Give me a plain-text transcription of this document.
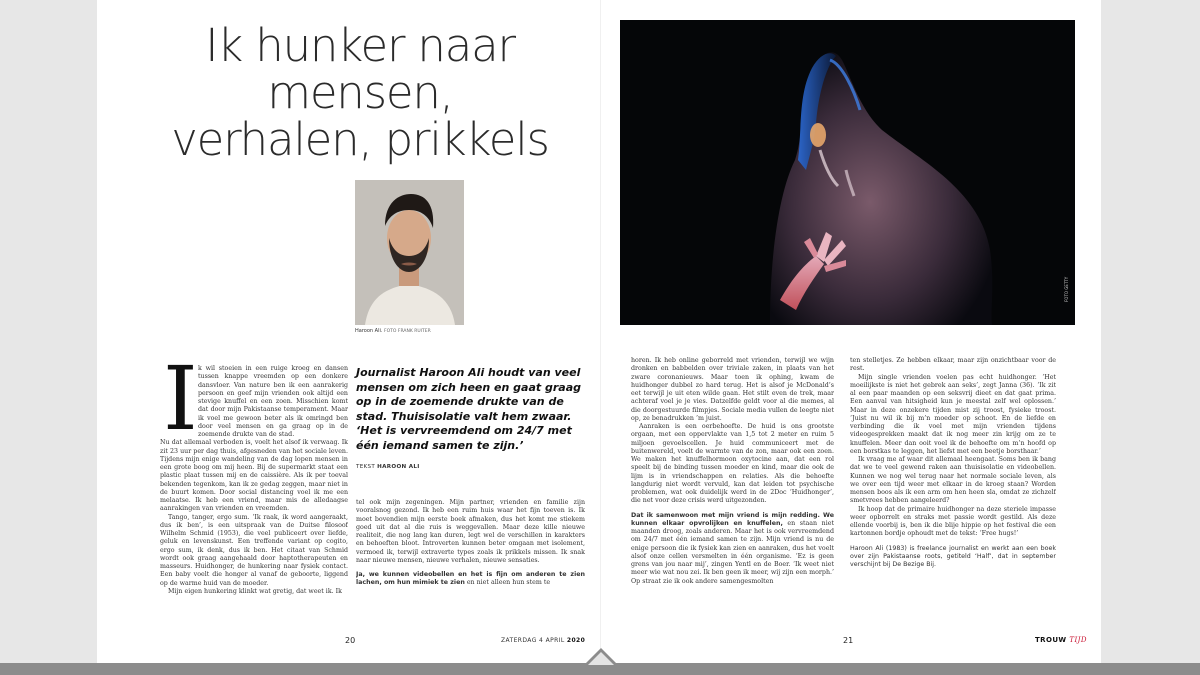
Ik hunker naar
mensen,
verhalen, prikkels
Haroon Ali. FOTO FRANK RUITER
FOTO GETTY
I k wil stoeien in een ruige kroeg en dansen tussen knappe vreemden op een donkere dansvloer. Van nature ben ik een aanrakerig persoon en geef mijn vrienden ook altijd een stevige knuffel en een zoen. Misschien komt dat door mijn Pakistaanse temperament. Maar ik voel me gewoon beter als ik omringd ben door veel mensen en ga graag op in de zoemende drukte van de stad.

Nu dat allemaal verboden is, voelt het alsof ik verwaag. Ik zit 23 uur per dag thuis, afgesneden van het sociale leven. Tijdens mijn enige wandeling van de dag lopen mensen in een grote boog om mij heen. Bij de supermarkt staat een plastic plaat tussen mij en de caissière. Als ik per toeval bekenden tegenkom, kan ik ze gedag zeggen, maar niet in de buurt komen. Door social distancing voel ik me een melaatse. Ik heb een vriend, maar mis de alledaagse aanrakingen van vrienden en vreemden.

Tango, tanger, ergo sum. ‘Ik raak, ik word aangeraakt, dus ik ben’, is een uitspraak van de Duitse filosoof Wilhelm Schmid (1953), die veel publiceert over liefde, geluk en levenskunst. Een treffende variant op cogito, ergo sum, ik denk, dus ik ben. Het citaat van Schmid wordt ook graag aangehaald door haptotherapeuten en masseurs. Huidhonger, de hunkering naar fysiek contact. Een baby voelt die honger al vanaf de geboorte, liggend op de warme huid van de moeder.

Mijn eigen hunkering klinkt wat gretig, dat weet ik. Ik

Journalist Haroon Ali houdt van veel mensen om zich heen en gaat graag op in de zoemende drukte van de stad. Thuisisolatie valt hem zwaar. ‘Het is vervreemdend om 24/7 met één iemand samen te zijn.’

TEKST HAROON ALI

tel ook mijn zegeningen. Mijn partner, vrienden en familie zijn vooralsnog gezond. Ik heb een ruim huis waar het fijn toeven is. Ik moet bovendien mijn eerste boek afmaken, dus het komt me stiekem goed uit dat al die ruis is weggevallen. Maar deze kille nieuwe realiteit, die nog lang kan duren, legt wel de verschillen in karakters en behoeften bloot. Introverten kunnen beter omgaan met isolement, vermoed ik, terwijl extraverte types zoals ik prikkels missen. Ik snak naar nieuwe mensen, nieuwe verhalen, nieuwe sensaties.

Ja, we kunnen videobellen en het is fijn om anderen te zien lachen, om hun mimiek te zien en niet alleen hun stem te

horen. Ik heb online geborreld met vrienden, terwijl we wijn dronken en babbelden over triviale zaken, in plaats van het zware coronanieuws. Maar toen ik ophing, kwam de huidhonger dubbel zo hard terug. Het is alsof je McDonald’s eet terwijl je uit eten wilde gaan. Het stilt even de trek, maar achteraf voel je je vies. Datzelfde geldt voor al die memes, al die doorgestuurde filmpjes. Sociale media vullen de leegte niet op, ze benadrukken ’m juist.

Aanraken is een oerbehoefte. De huid is ons grootste orgaan, met een oppervlakte van 1,5 tot 2 meter en ruim 5 miljoen gevoelscellen. Je huid communiceert met de buitenwereld, voelt de warmte van de zon, maar ook een zoen. We maken het knuffelhormoon oxytocine aan, dat een rol speelt bij de binding tussen moeder en kind, maar die ook de lijm is in vriendschappen en relaties. Als die behoefte langdurig niet wordt vervuld, kan dat leiden tot psychische problemen, wat ook duidelijk werd in de 2Doc ‘Huidhonger’, die net voor deze crisis werd uitgezonden.

Dat ik samenwoon met mijn vriend is mijn redding. We kunnen elkaar opvrolijken en knuffelen, en staan niet maanden droog, zoals anderen. Maar het is ook vervreemdend om 24/7 met één iemand samen te zijn. Mijn vriend is nu de enige persoon die ik fysiek kan zien en aanraken, dus het voelt alsof onze cellen versmelten in één organisme. ‘Ez is geen grens van jou naar mij’, zingen Yentl en de Boer. ‘Ik weet niet meer wie wat nou zei. Ik ben geen ik meer, wij zijn een morph.’ Op straat zie ik ook andere samengesmolten

ten stelletjes. Ze hebben elkaar, maar zijn onzichtbaar voor de rest.

Mijn single vrienden voelen pas echt huidhonger. ‘Het moeilijkste is niet het gebrek aan seks’, zegt Janna (36). ‘Ik zit al een paar maanden op een seksvrij dieet en dat gaat prima. Een aanval van hitsigheid kun je meestal zelf wel oplossen.’ Maar in deze onzekere tijden mist zij troost, fysieke troost. ‘Juist nu wil ik bij m’n moeder op schoot. En de liefde en verbinding die ik voel met mijn vrienden tijdens videogesprekken maakt dat ik nog meer zin krijg om ze te knuffelen. Meer dan ooit voel ik de behoefte om m’n hoofd op een borstkas te leggen, het liefst met een beetje borsthaar.’

Ik vraag me af waar dit allemaal heengaat. Soms ben ik bang dat we te veel gewend raken aan thuisisolatie en videobellen. Kunnen we nog wel terug naar het normale sociale leven, als we over een tijd weer met elkaar in de kroeg staan? Worden mensen boos als ik een arm om hen heen sla, omdat ze zichzelf smetvrees hebben aangeleerd?

Ik hoop dat de primaire huidhonger na deze steriele impasse weer opborrelt en straks met passie wordt gestild. Als deze ellende voorbij is, ben ik die blije hippie op het festival die een kartonnen bordje ophoudt met de tekst: ‘Free hugs!’

Haroon Ali (1983) is freelance journalist en werkt aan een boek over zijn Pakistaanse roots, getiteld ‘Half’, dat in september verschijnt bij De Bezige Bij.

20	ZATERDAG 4 APRIL 2020	21	TROUW TIJD
